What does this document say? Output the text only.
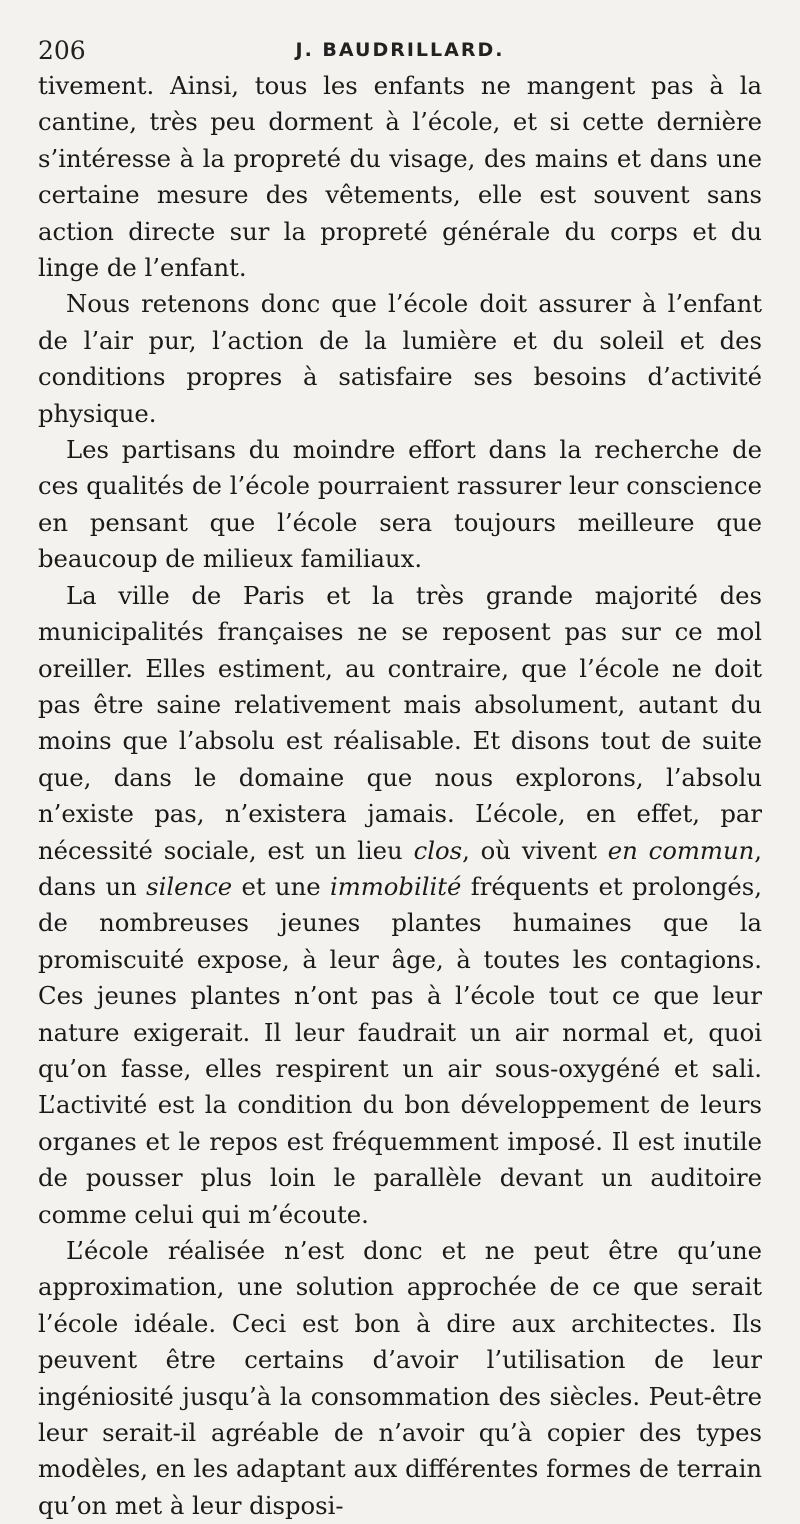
206	J. BAUDRILLARD.

tivement. Ainsi, tous les enfants ne mangent pas à la cantine, très peu dorment à l’école, et si cette dernière s’intéresse à la propreté du visage, des mains et dans une certaine mesure des vêtements, elle est souvent sans action directe sur la propreté générale du corps et du linge de l’enfant.

Nous retenons donc que l’école doit assurer à l’enfant de l’air pur, l’action de la lumière et du soleil et des conditions propres à satisfaire ses besoins d’activité physique.

Les partisans du moindre effort dans la recherche de ces qualités de l’école pourraient rassurer leur conscience en pensant que l’école sera toujours meilleure que beaucoup de milieux familiaux.

La ville de Paris et la très grande majorité des municipalités françaises ne se reposent pas sur ce mol oreiller. Elles estiment, au contraire, que l’école ne doit pas être saine relativement mais absolument, autant du moins que l’absolu est réalisable. Et disons tout de suite que, dans le domaine que nous explorons, l’absolu n’existe pas, n’existera jamais. L’école, en effet, par nécessité sociale, est un lieu clos, où vivent en commun, dans un silence et une immobilité fréquents et prolongés, de nombreuses jeunes plantes humaines que la promiscuité expose, à leur âge, à toutes les contagions. Ces jeunes plantes n’ont pas à l’école tout ce que leur nature exigerait. Il leur faudrait un air normal et, quoi qu’on fasse, elles respirent un air sous-oxygéné et sali. L’activité est la condition du bon développement de leurs organes et le repos est fréquemment imposé. Il est inutile de pousser plus loin le parallèle devant un auditoire comme celui qui m’écoute.

L’école réalisée n’est donc et ne peut être qu’une approximation, une solution approchée de ce que serait l’école idéale. Ceci est bon à dire aux architectes. Ils peuvent être certains d’avoir l’utilisation de leur ingéniosité jusqu’à la consommation des siècles. Peut-être leur serait-il agréable de n’avoir qu’à copier des types modèles, en les adaptant aux différentes formes de terrain qu’on met à leur disposi-
